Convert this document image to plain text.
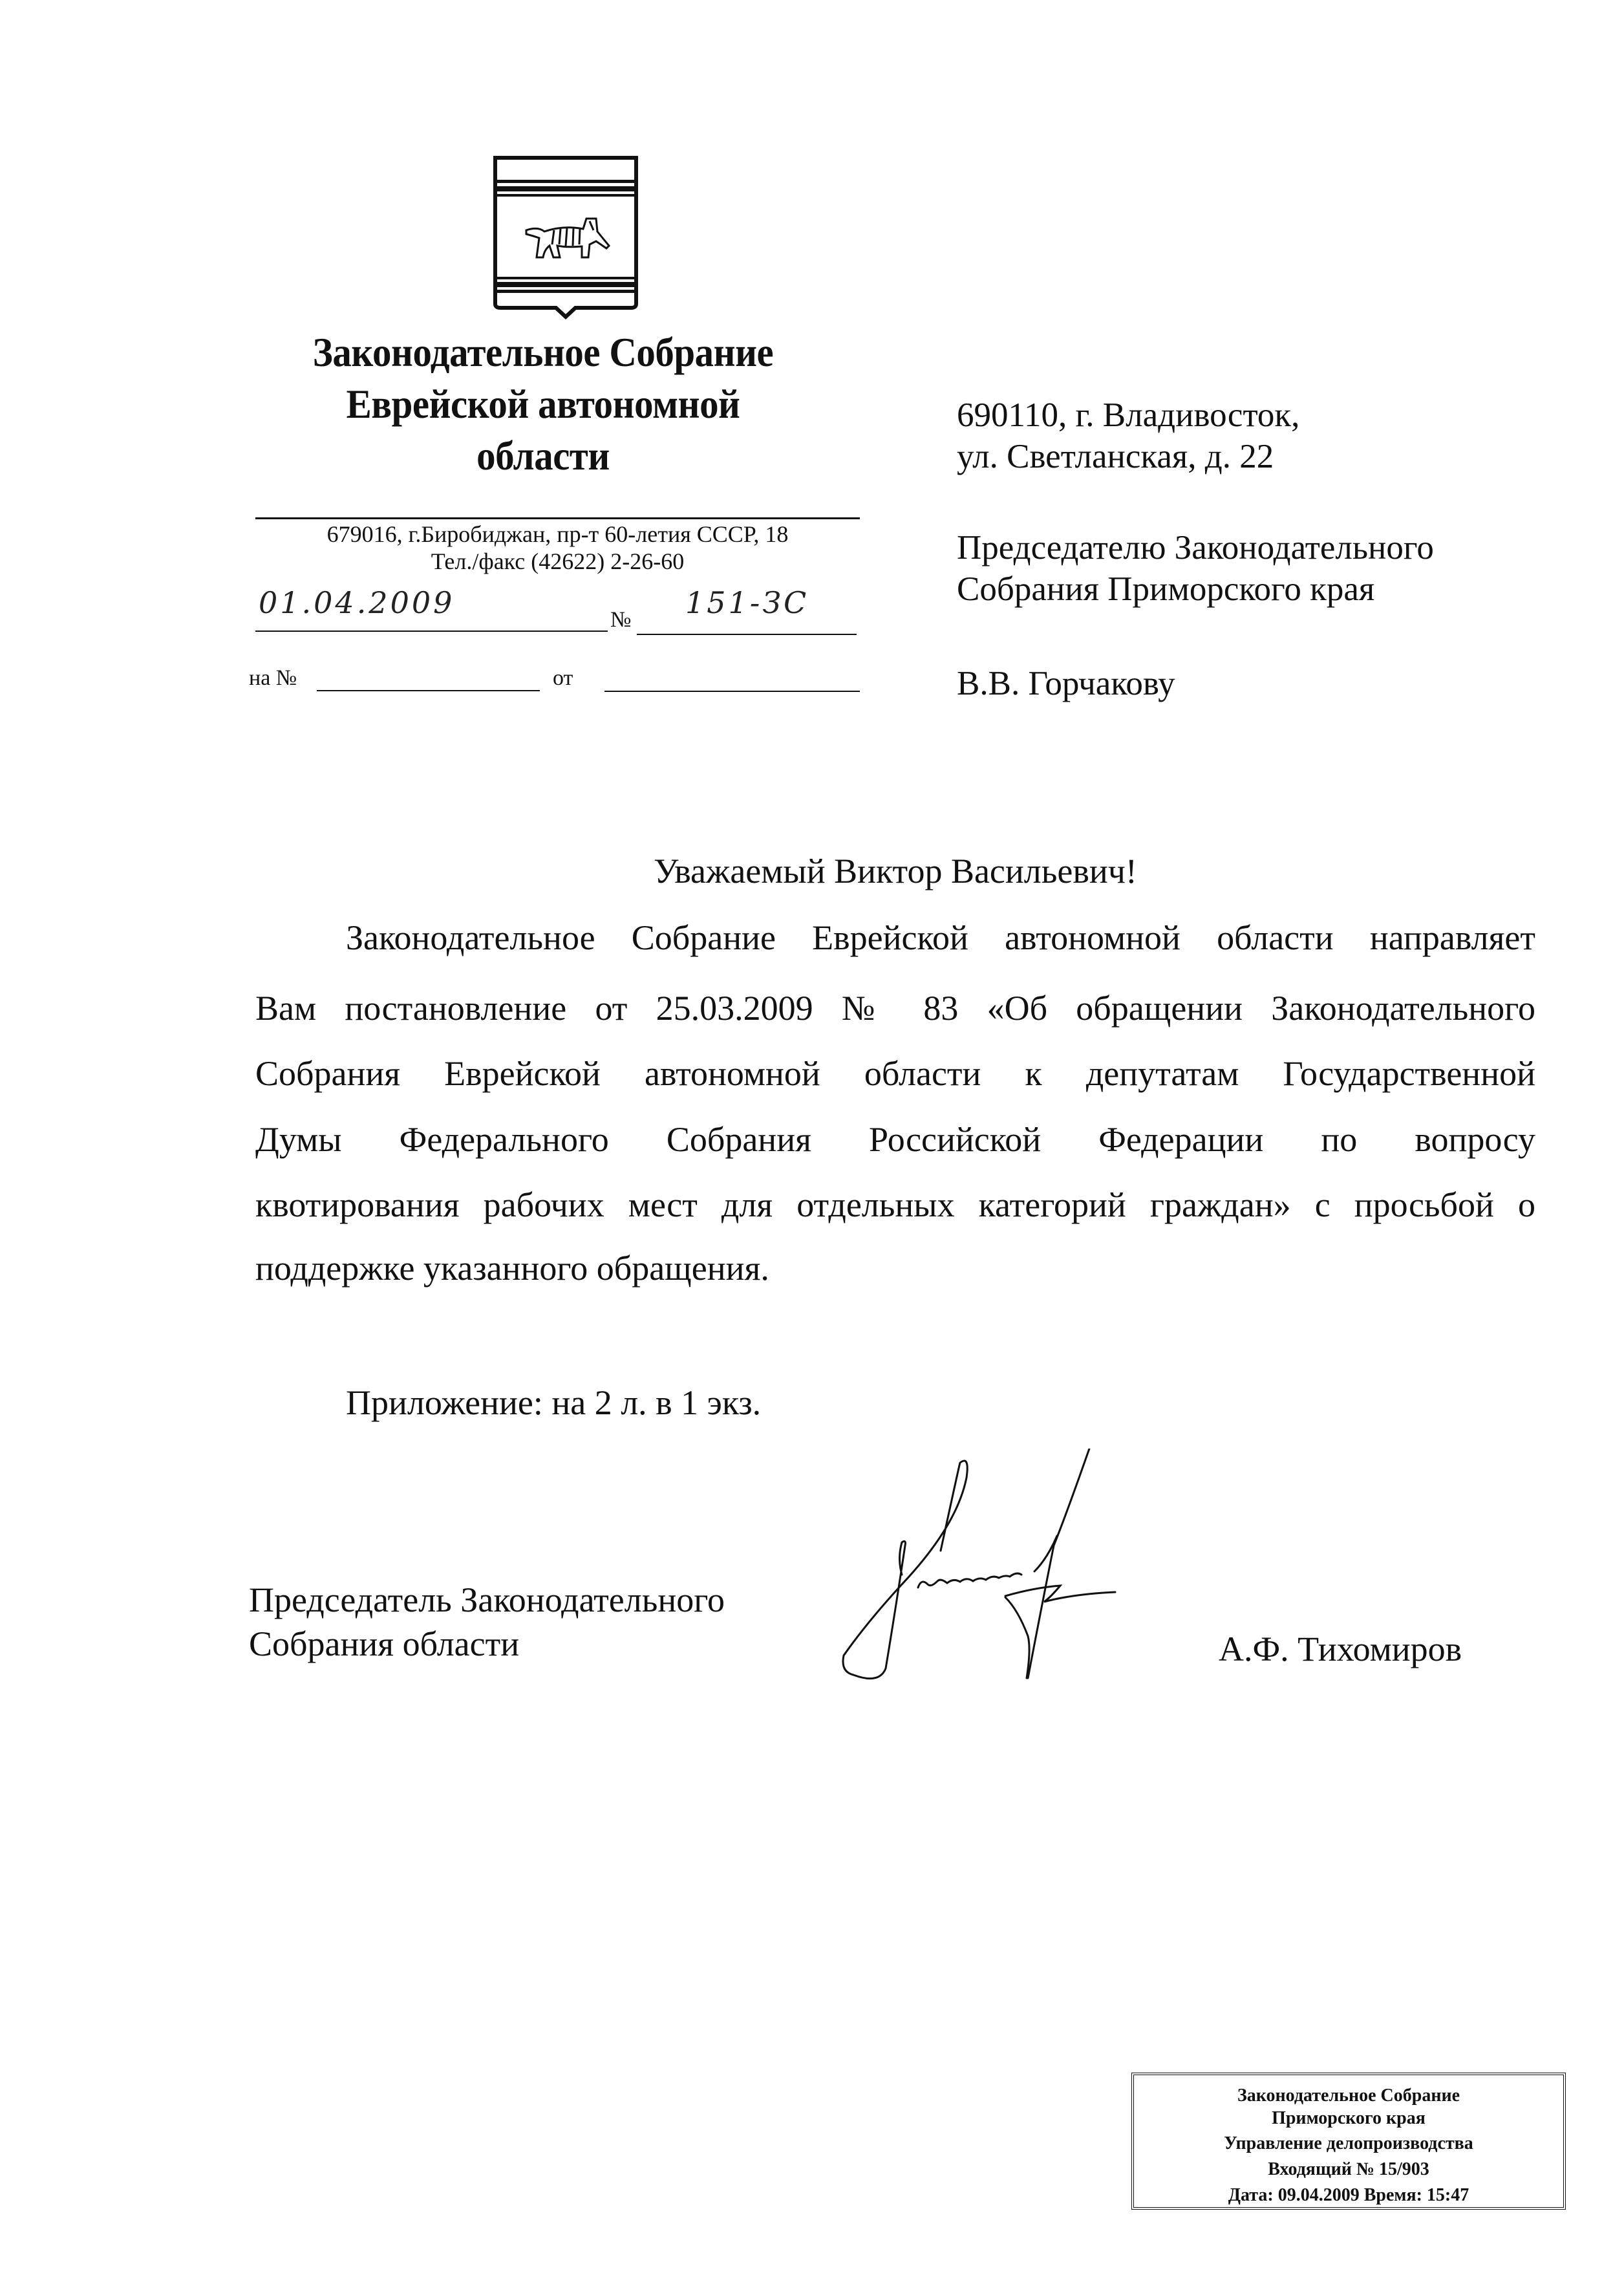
Законодательное Собрание
Еврейской автономной
области
679016, г.Биробиджан, пр-т 60-летия СССР, 18
Тел./факс (42622) 2-26-60
01.04.2009	№ 151-ЗС
на №	от
690110, г. Владивосток,
ул. Светланская, д. 22
Председателю Законодательного
Собрания Приморского края
В.В. Горчакову
Уважаемый Виктор Васильевич!
Законодательное Собрание Еврейской автономной области направляет
Вам постановление от 25.03.2009 № 83 «Об обращении Законодательного
Собрания Еврейской автономной области к депутатам Государственной
Думы Федерального Собрания Российской Федерации по вопросу
квотирования рабочих мест для отдельных категорий граждан» с просьбой о
поддержке указанного обращения.
Приложение: на 2 л. в 1 экз.
Председатель Законодательного
Собрания области	А.Ф. Тихомиров
Законодательное Собрание
Приморского края
Управление делопроизводства
Входящий № 15/903
Дата: 09.04.2009 Время: 15:47
